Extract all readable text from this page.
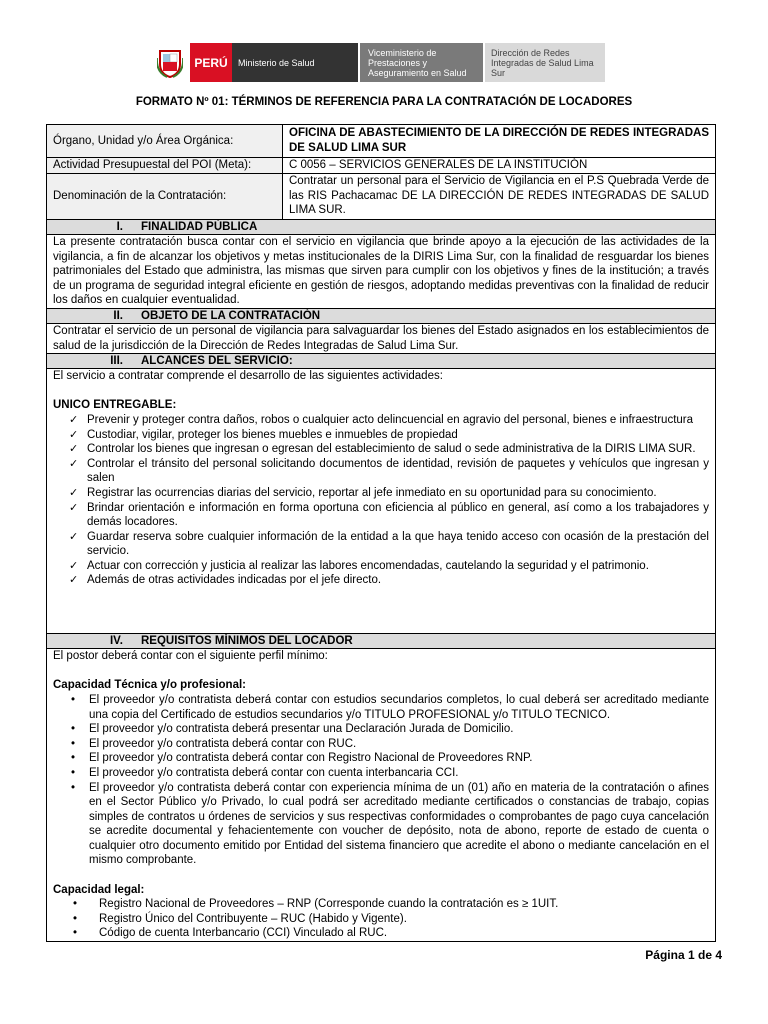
PERÚ	Ministerio de Salud
Viceministerio de Prestaciones y Aseguramiento en Salud
Dirección de Redes Integradas de Salud Lima Sur
FORMATO Nº 01: TÉRMINOS DE REFERENCIA PARA LA CONTRATACIÓN DE LOCADORES
Órgano, Unidad y/o Área Orgánica:
OFICINA DE ABASTECIMIENTO DE LA DIRECCIÓN DE REDES INTEGRADAS DE SALUD LIMA SUR
Actividad Presupuestal del POI (Meta):	C 0056 – SERVICIOS GENERALES DE LA INSTITUCIÓN
Denominación de la Contratación:
Contratar un personal para el Servicio de Vigilancia en el P.S Quebrada Verde de las RIS Pachacamac DE LA DIRECCIÓN DE REDES INTEGRADAS DE SALUD LIMA SUR.
I.	FINALIDAD PÚBLICA
La presente contratación busca contar con el servicio en vigilancia que brinde apoyo a la ejecución de las actividades de la vigilancia, a fin de alcanzar los objetivos y metas institucionales de la DIRIS Lima Sur, con la finalidad de resguardar los bienes patrimoniales del Estado que administra, las mismas que sirven para cumplir con los objetivos y fines de la institución; a través de un programa de seguridad integral eficiente en gestión de riesgos, adoptando medidas preventivas con la finalidad de reducir los daños en cualquier eventualidad.
II.	OBJETO DE LA CONTRATACIÓN
Contratar el servicio de un personal de vigilancia para salvaguardar los bienes del Estado asignados en los establecimientos de salud de la jurisdicción de la Dirección de Redes Integradas de Salud Lima Sur.
III.	ALCANCES DEL SERVICIO:
El servicio a contratar comprende el desarrollo de las siguientes actividades:
UNICO ENTREGABLE:
✓ Prevenir y proteger contra daños, robos o cualquier acto delincuencial en agravio del personal, bienes e infraestructura
✓ Custodiar, vigilar, proteger los bienes muebles e inmuebles de propiedad
✓ Controlar los bienes que ingresan o egresan del establecimiento de salud o sede administrativa de la DIRIS LIMA SUR.
✓ Controlar el tránsito del personal solicitando documentos de identidad, revisión de paquetes y vehículos que ingresan y salen
✓ Registrar las ocurrencias diarias del servicio, reportar al jefe inmediato en su oportunidad para su conocimiento.
✓ Brindar orientación e información en forma oportuna con eficiencia al público en general, así como a los trabajadores y demás locadores.
✓ Guardar reserva sobre cualquier información de la entidad a la que haya tenido acceso con ocasión de la prestación del servicio.
✓ Actuar con corrección y justicia al realizar las labores encomendadas, cautelando la seguridad y el patrimonio.
✓ Además de otras actividades indicadas por el jefe directo.
IV.	REQUISITOS MÍNIMOS DEL LOCADOR
El postor deberá contar con el siguiente perfil mínimo:
Capacidad Técnica y/o profesional:
•	El proveedor y/o contratista deberá contar con estudios secundarios completos, lo cual deberá ser acreditado mediante una copia del Certificado de estudios secundarios y/o TITULO PROFESIONAL y/o TITULO TECNICO.
•	El proveedor y/o contratista deberá presentar una Declaración Jurada de Domicilio.
•	El proveedor y/o contratista deberá contar con RUC.
•	El proveedor y/o contratista deberá contar con Registro Nacional de Proveedores RNP.
•	El proveedor y/o contratista deberá contar con cuenta interbancaria CCI.
•	El proveedor y/o contratista deberá contar con experiencia mínima de un (01) año en materia de la contratación o afines en el Sector Público y/o Privado, lo cual podrá ser acreditado mediante certificados o constancias de trabajo, copias simples de contratos u órdenes de servicios y sus respectivas conformidades o comprobantes de pago cuya cancelación se acredite documental y fehacientemente con voucher de depósito, nota de abono, reporte de estado de cuenta o cualquier otro documento emitido por Entidad del sistema financiero que acredite el abono o mediante cancelación en el mismo comprobante.
Capacidad legal:
•	Registro Nacional de Proveedores – RNP (Corresponde cuando la contratación es ≥ 1UIT.
•	Registro Único del Contribuyente – RUC (Habido y Vigente).
•	Código de cuenta Interbancario (CCI) Vinculado al RUC.
Página 1 de 4
